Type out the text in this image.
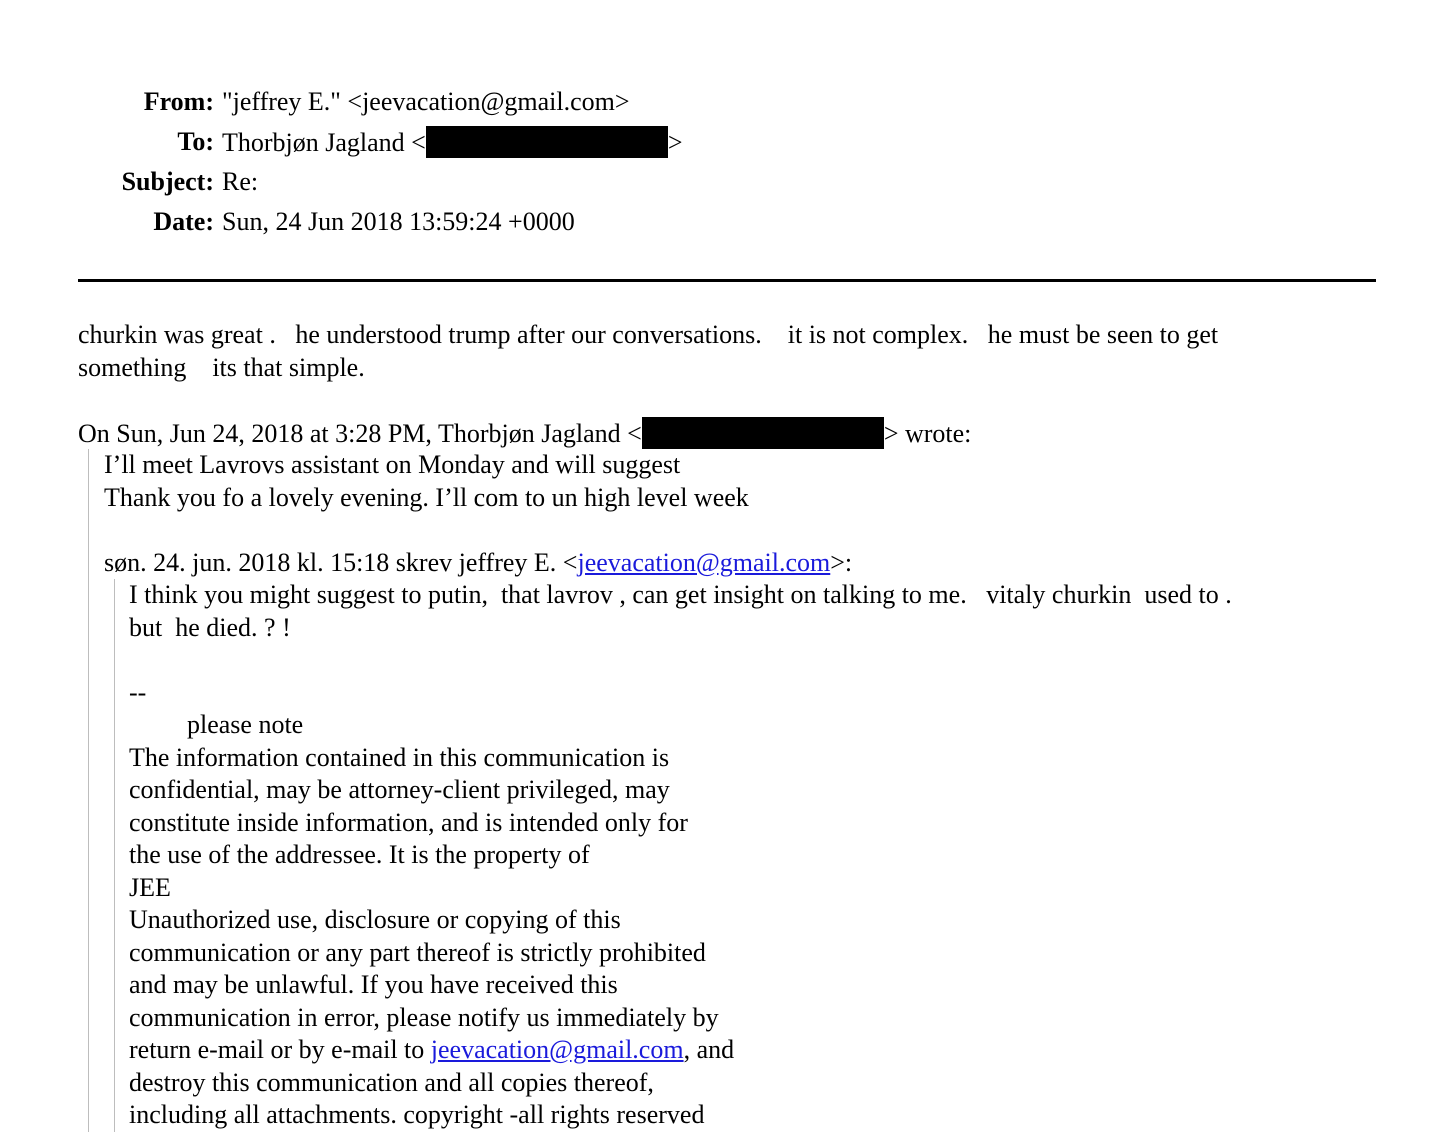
From: "jeffrey E." <jeevacation@gmail.com>
To: Thorbjøn Jagland <	>
Subject: Re:
Date: Sun, 24 Jun 2018 13:59:24 +0000
churkin was great .   he understood trump after our conversations.    it is not complex.   he must be seen to get
something    its that simple.
On Sun, Jun 24, 2018 at 3:28 PM, Thorbjøn Jagland <	> wrote:
I’ll meet Lavrovs assistant on Monday and will suggest
Thank you fo a lovely evening. I’ll com to un high level week
søn. 24. jun. 2018 kl. 15:18 skrev jeffrey E. <jeevacation@gmail.com>:
I think you might suggest to putin,  that lavrov , can get insight on talking to me.   vitaly churkin  used to .
but  he died. ? !
--
please note
The information contained in this communication is
confidential, may be attorney-client privileged, may
constitute inside information, and is intended only for
the use of the addressee. It is the property of
JEE
Unauthorized use, disclosure or copying of this
communication or any part thereof is strictly prohibited
and may be unlawful. If you have received this
communication in error, please notify us immediately by
return e-mail or by e-mail to jeevacation@gmail.com, and
destroy this communication and all copies thereof,
including all attachments. copyright -all rights reserved
